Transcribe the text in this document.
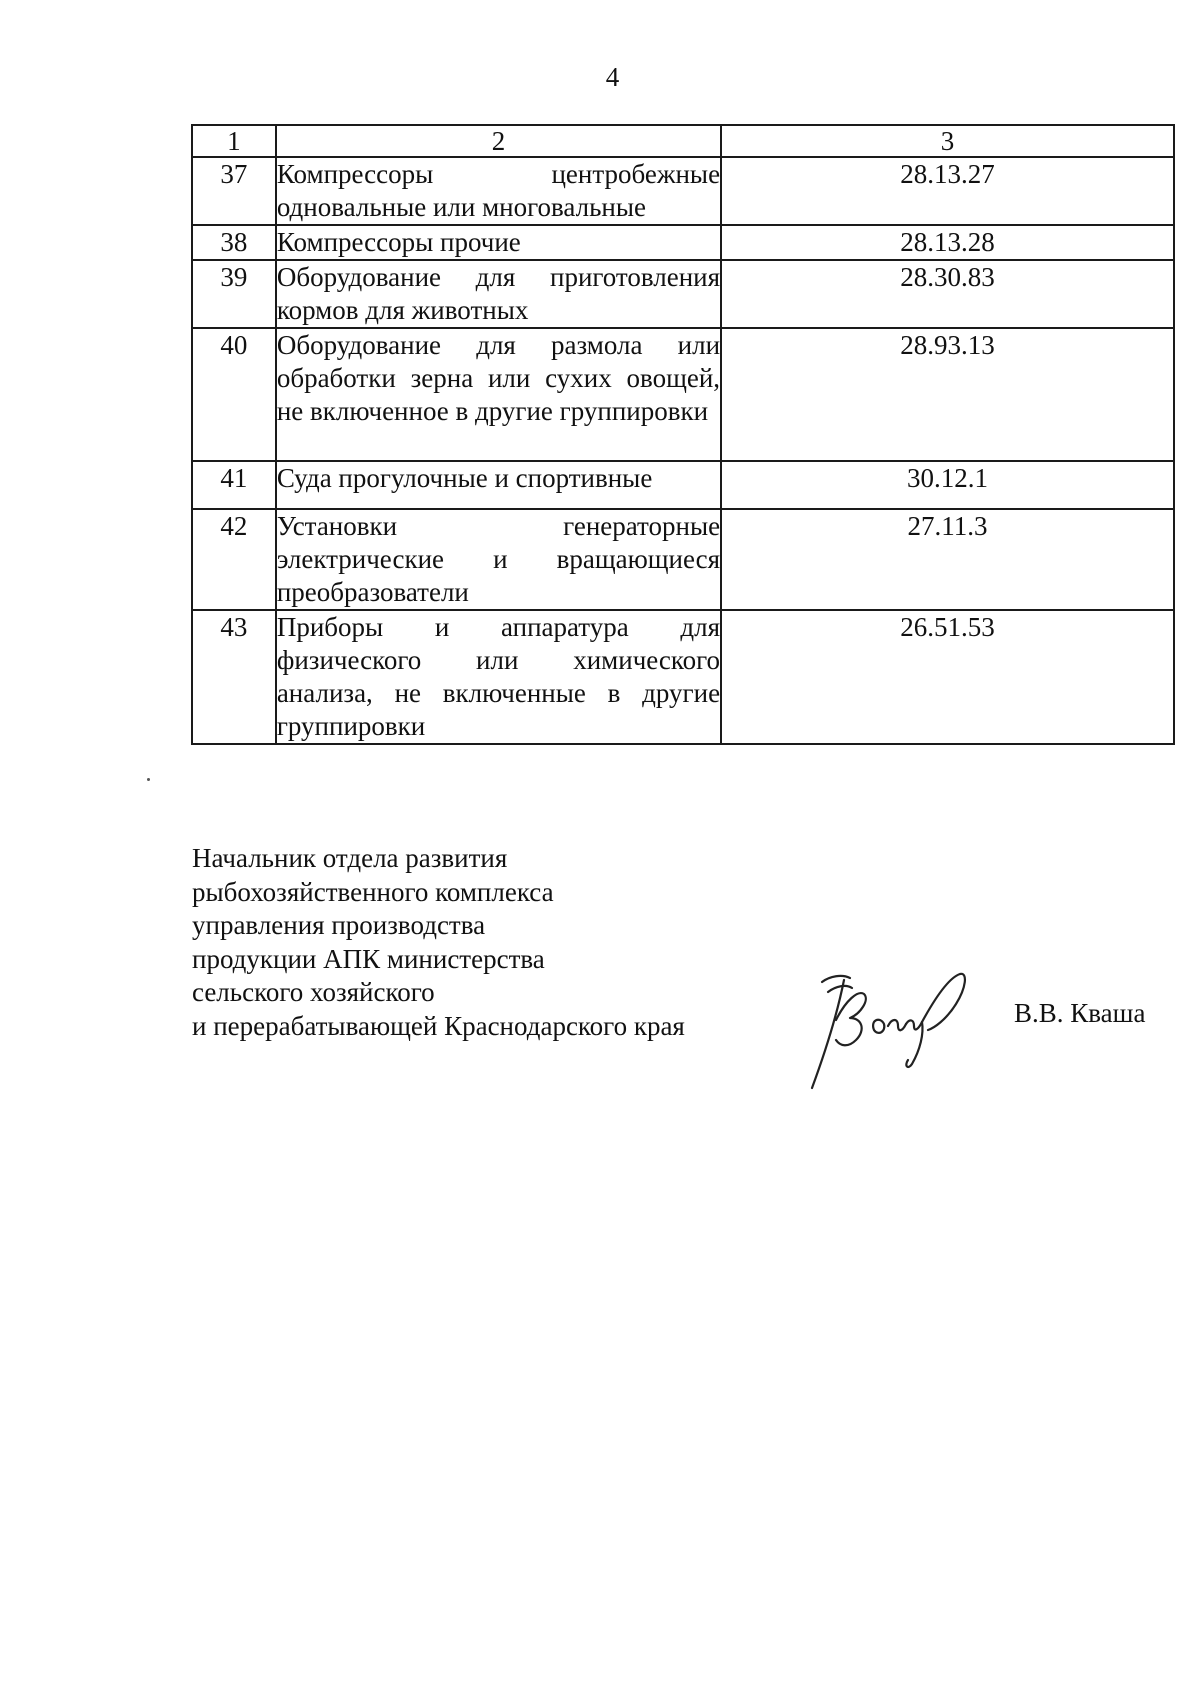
4
1	2	3
37	Компрессоры центробежные одновальные или многовальные	28.13.27
38	Компрессоры прочие	28.13.28
39	Оборудование для приготовления кормов для животных	28.30.83
40	Оборудование для размола или обработки зерна или сухих овощей, не включенное в другие группировки	28.93.13
41	Суда прогулочные и спортивные	30.12.1
42	Установки генераторные электрические и вращающиеся преобразователи	27.11.3
43	Приборы и аппаратура для физического или химического анализа, не включенные в другие группировки	26.51.53
Начальник отдела развития
рыбохозяйственного комплекса
управления производства
продукции АПК министерства
сельского хозяйского
и перерабатывающей Краснодарского края	В.В. Кваша
